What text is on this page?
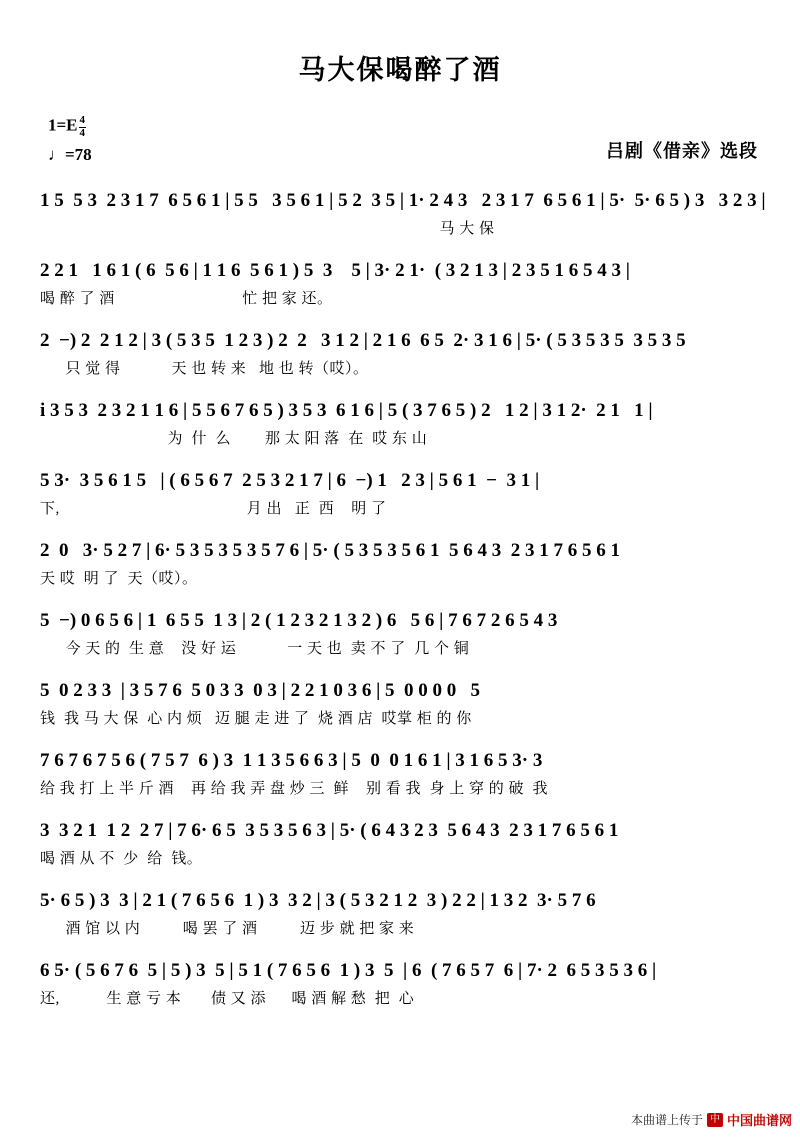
马大保喝醉了酒
$1=E \frac{4}{4}$
♩=78	吕剧《借亲》选段
1 5  5 3  2 3 1 7  6 5 6 1 | 5 5   3 5 6 1 | 5 2  3 5 | 1· 2 4 3   2 3 1 7  6 5 6 1 | 5·  5· 6 5 ) 3   3 2 3 |
马 大 保
2 2 1   1 6 1 ( 6  5 6 | 1 1 6  5 6 1 ) 5  3    5 | 3· 2 1·  ( 3 2 1 3 | 2 3 5 1 6 5 4 3 |
喝 醉 了 酒                              忙 把 家 还。
2  −) 2  2 1 2 | 3 ( 5 3 5  1 2 3 ) 2  2   3 1 2 | 2 1 6  6 5  2· 3 1 6 | 5· ( 5 3 5 3 5  3 5 3 5
只 觉 得            天 也 转 来   地 也 转（哎）。
i 3 5 3  2 3 2 1 1 6 | 5 5 6 7 6 5 ) 3 5 3  6 1 6 | 5 ( 3 7 6 5 ) 2   1 2 | 3 1 2·  2 1   1 |
为  什  么        那 太 阳 落  在  哎 东 山
5 3·  3 5 6 1 5   | ( 6 5 6 7  2 5 3 2 1 7 | 6  −) 1   2 3 | 5 6 1  −  3 1 |
下,                                            月 出   正  西    明 了
2  0   3· 5 2 7 | 6· 5 3 5 3 5 3 5 7 6 | 5· ( 5 3 5 3 5 6 1  5 6 4 3  2 3 1 7 6 5 6 1
天 哎  明 了  天（哎）。
5  −) 0 6 5 6 | 1  6 5 5  1 3 | 2 ( 1 2 3 2 1 3 2 ) 6   5 6 | 7 6 7 2 6 5 4 3
今 天 的  生 意    没 好 运            一 天 也  卖 不 了  几 个 铜
5  0 2 3 3  | 3 5 7 6  5 0 3 3  0 3 | 2 2 1 0 3 6 | 5  0 0 0 0   5
钱  我 马 大 保  心 内 烦   迈 腿 走 进 了  烧 酒 店  哎掌 柜 的 你
7 6 7 6 7 5 6 ( 7 5 7  6 ) 3  1 1 3 5 6 6 3 | 5  0  0 1 6 1 | 3 1 6 5 3· 3
给 我 打 上 半 斤 酒    再 给 我 弄 盘 炒 三  鲜    别 看 我  身 上 穿 的 破  我
3  3 2 1  1 2  2 7 | 7 6· 6 5  3 5 3 5 6 3 | 5· ( 6 4 3 2 3  5 6 4 3  2 3 1 7 6 5 6 1
喝 酒 从 不  少  给  钱。
5· 6 5 ) 3  3 | 2 1 ( 7 6 5 6  1 ) 3  3 2 | 3 ( 5 3 2 1 2  3 ) 2 2 | 1 3 2  3· 5 7 6
酒 馆 以 内          喝 罢 了 酒          迈 步 就 把 家 来
6 5· ( 5 6 7 6  5 | 5 ) 3  5 | 5 1 ( 7 6 5 6  1 ) 3  5  | 6  ( 7 6 5 7  6 | 7· 2  6 5 3 5 3 6 |
还,           生 意 亏 本       债 又 添      喝 酒 解 愁  把  心
本曲谱上传于 中 中国曲谱网
